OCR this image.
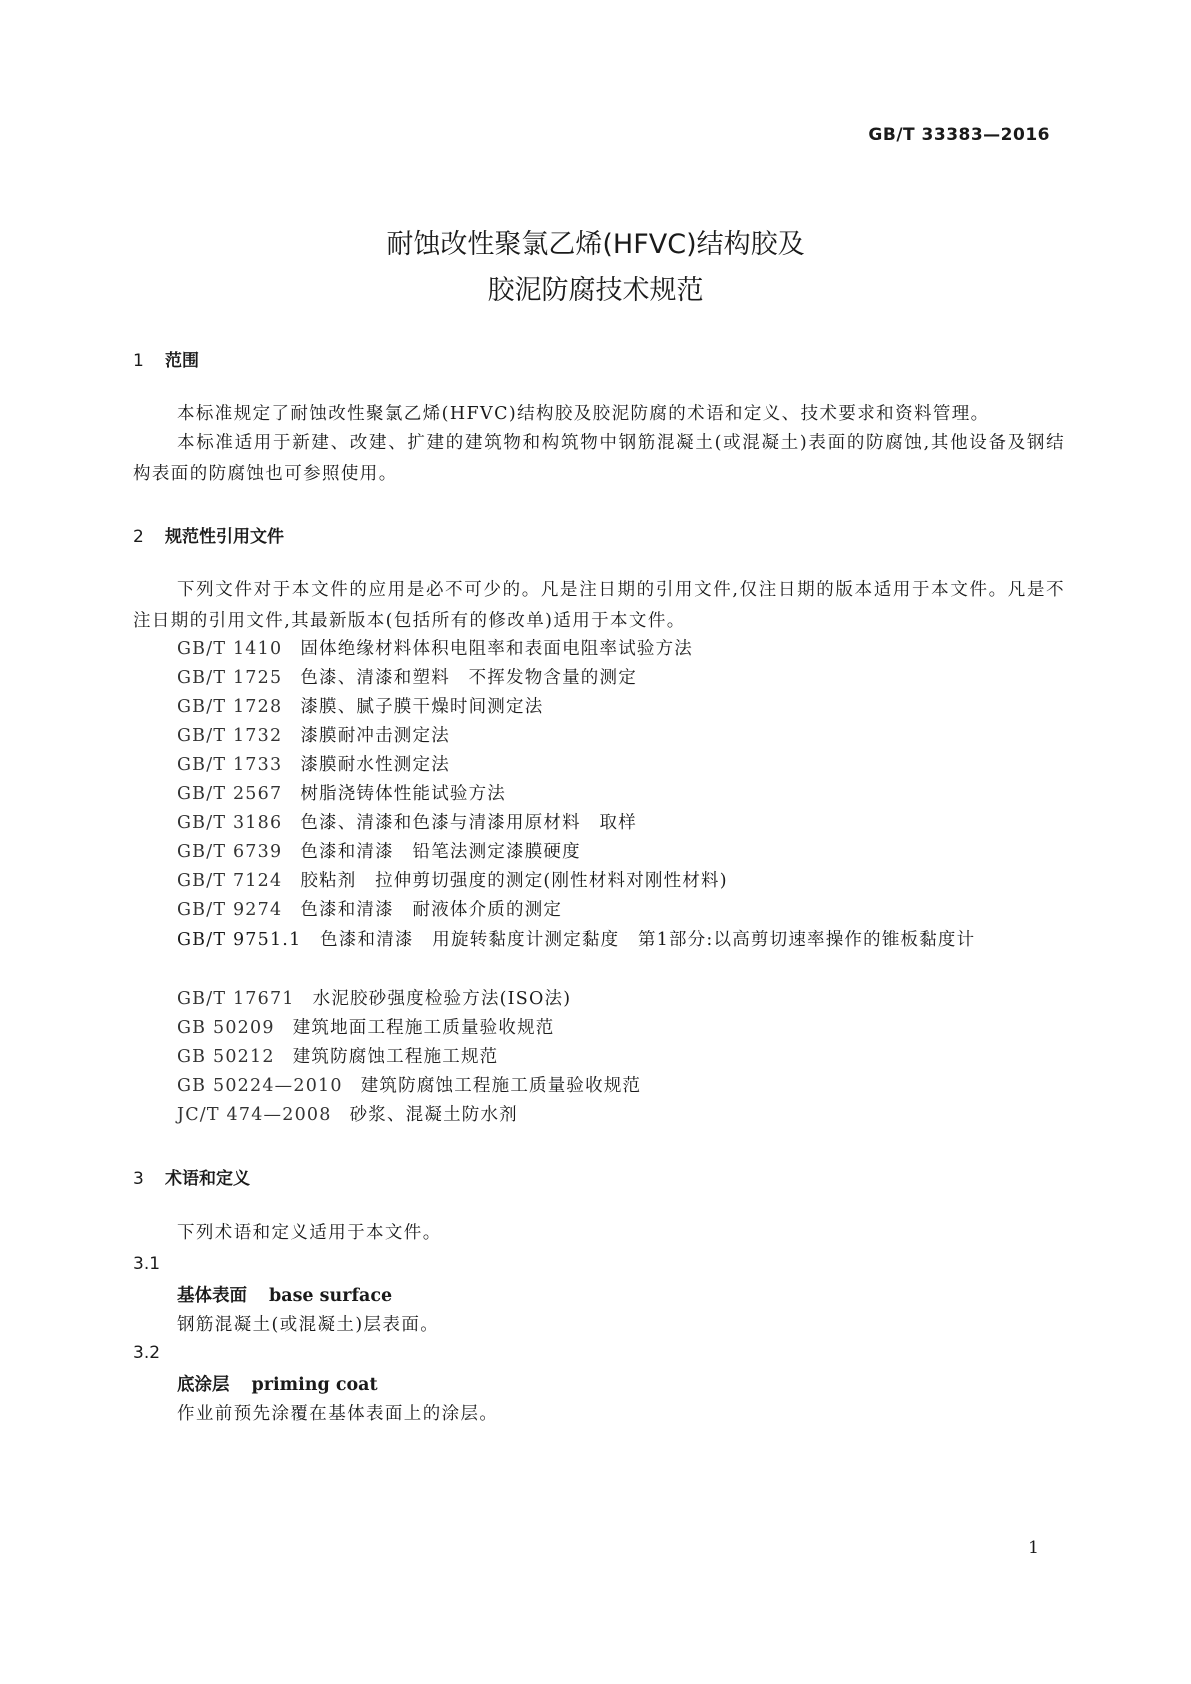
GB/T 33383—2016
耐蚀改性聚氯乙烯(HFVC)结构胶及
胶泥防腐技术规范
1 范围

本标准规定了耐蚀改性聚氯乙烯(HFVC)结构胶及胶泥防腐的术语和定义、技术要求和资料管理。

本标准适用于新建、改建、扩建的建筑物和构筑物中钢筋混凝土(或混凝土)表面的防腐蚀,其他设备及钢结构表面的防腐蚀也可参照使用。

2 规范性引用文件

下列文件对于本文件的应用是必不可少的。凡是注日期的引用文件,仅注日期的版本适用于本文件。凡是不注日期的引用文件,其最新版本(包括所有的修改单)适用于本文件。

GB/T 1410 固体绝缘材料体积电阻率和表面电阻率试验方法
GB/T 1725 色漆、清漆和塑料　不挥发物含量的测定
GB/T 1728 漆膜、腻子膜干燥时间测定法
GB/T 1732 漆膜耐冲击测定法
GB/T 1733 漆膜耐水性测定法
GB/T 2567 树脂浇铸体性能试验方法
GB/T 3186 色漆、清漆和色漆与清漆用原材料　取样
GB/T 6739 色漆和清漆　铅笔法测定漆膜硬度
GB/T 7124 胶粘剂　拉伸剪切强度的测定(刚性材料对刚性材料)
GB/T 9274 色漆和清漆　耐液体介质的测定

GB/T 9751.1　色漆和清漆　用旋转黏度计测定黏度　第1部分:以高剪切速率操作的锥板黏度计

GB/T 17671 水泥胶砂强度检验方法(ISO法)
GB 50209 建筑地面工程施工质量验收规范
GB 50212 建筑防腐蚀工程施工规范
GB 50224—2010 建筑防腐蚀工程施工质量验收规范
JC/T 474—2008 砂浆、混凝土防水剂
3 术语和定义

下列术语和定义适用于本文件。

3.1
基体表面 base surface
钢筋混凝土(或混凝土)层表面。
3.2
底涂层 priming coat
作业前预先涂覆在基体表面上的涂层。
1
